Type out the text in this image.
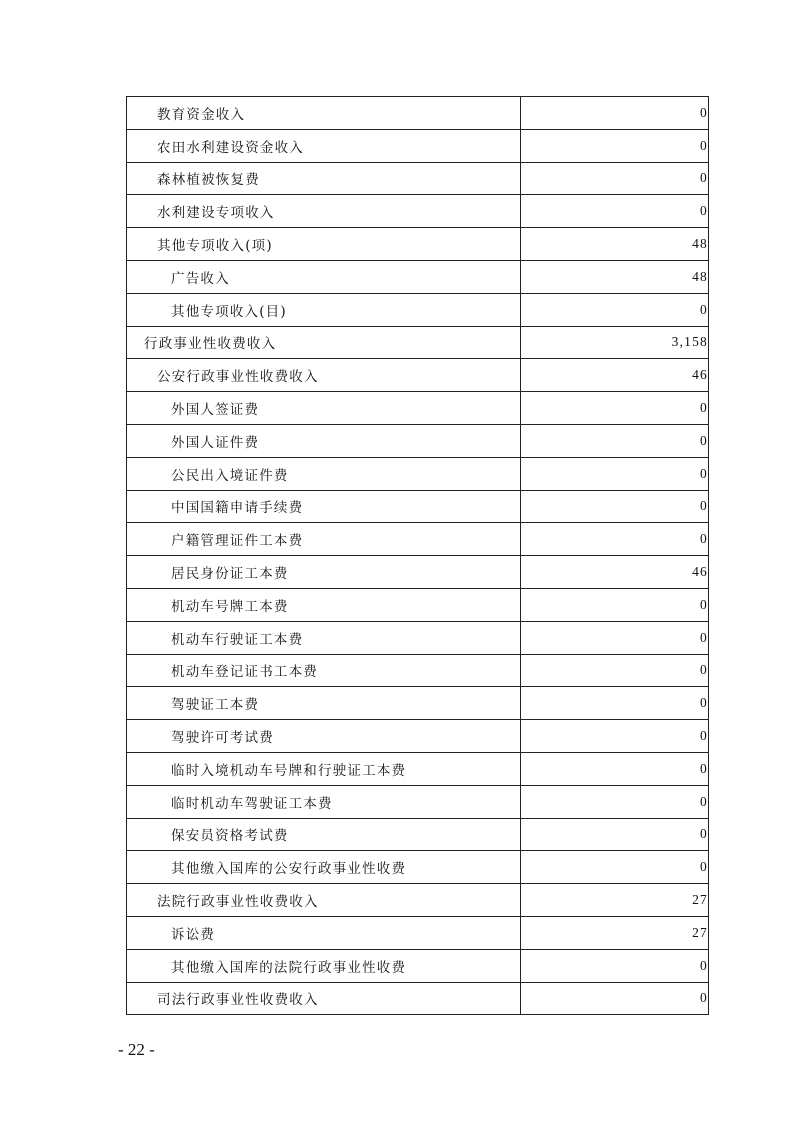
教育资金收入	0
农田水利建设资金收入	0
森林植被恢复费	0
水利建设专项收入	0
其他专项收入(项)	48
广告收入	48
其他专项收入(目)	0
行政事业性收费收入	3,158
公安行政事业性收费收入	46
外国人签证费	0
外国人证件费	0
公民出入境证件费	0
中国国籍申请手续费	0
户籍管理证件工本费	0
居民身份证工本费	46
机动车号牌工本费	0
机动车行驶证工本费	0
机动车登记证书工本费	0
驾驶证工本费	0
驾驶许可考试费	0
临时入境机动车号牌和行驶证工本费	0
临时机动车驾驶证工本费	0
保安员资格考试费	0
其他缴入国库的公安行政事业性收费	0
法院行政事业性收费收入	27
诉讼费	27
其他缴入国库的法院行政事业性收费	0
司法行政事业性收费收入	0
- 22 -
